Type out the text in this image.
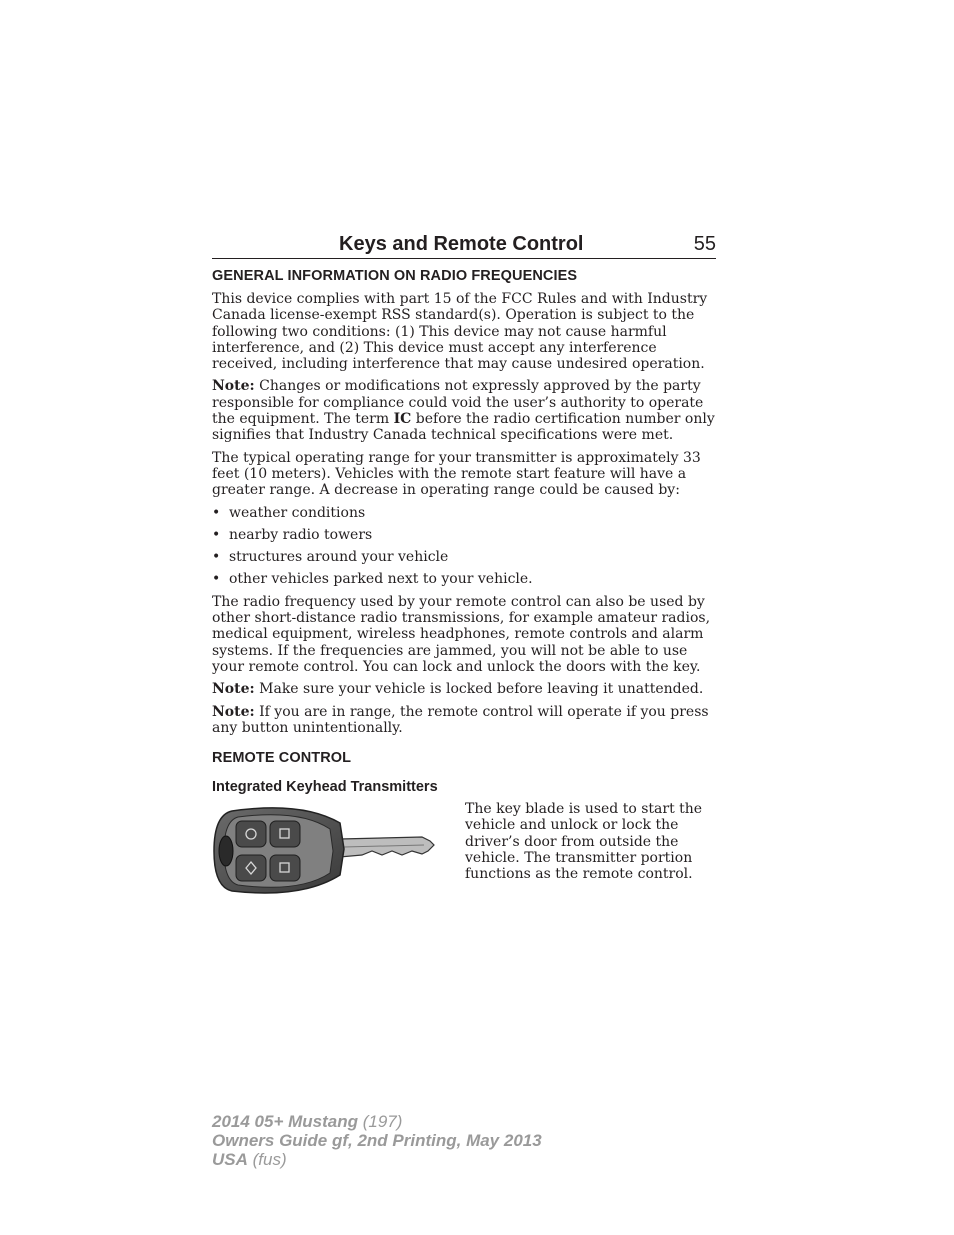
Keys and Remote Control	55
GENERAL INFORMATION ON RADIO FREQUENCIES

This device complies with part 15 of the FCC Rules and with Industry Canada license-exempt RSS standard(s). Operation is subject to the following two conditions: (1) This device may not cause harmful interference, and (2) This device must accept any interference received, including interference that may cause undesired operation.

Note: Changes or modifications not expressly approved by the party responsible for compliance could void the user’s authority to operate the equipment. The term IC before the radio certification number only signifies that Industry Canada technical specifications were met.

The typical operating range for your transmitter is approximately 33 feet (10 meters). Vehicles with the remote start feature will have a greater range. A decrease in operating range could be caused by:

• weather conditions
• nearby radio towers
• structures around your vehicle
• other vehicles parked next to your vehicle.

The radio frequency used by your remote control can also be used by other short-distance radio transmissions, for example amateur radios, medical equipment, wireless headphones, remote controls and alarm systems. If the frequencies are jammed, you will not be able to use your remote control. You can lock and unlock the doors with the key.

Note: Make sure your vehicle is locked before leaving it unattended.

Note: If you are in range, the remote control will operate if you press any button unintentionally.

REMOTE CONTROL
Integrated Keyhead Transmitters

The key blade is used to start the vehicle and unlock or lock the driver’s door from outside the vehicle. The transmitter portion functions as the remote control.

2014 05+ Mustang (197)
Owners Guide gf, 2nd Printing, May 2013
USA (fus)
